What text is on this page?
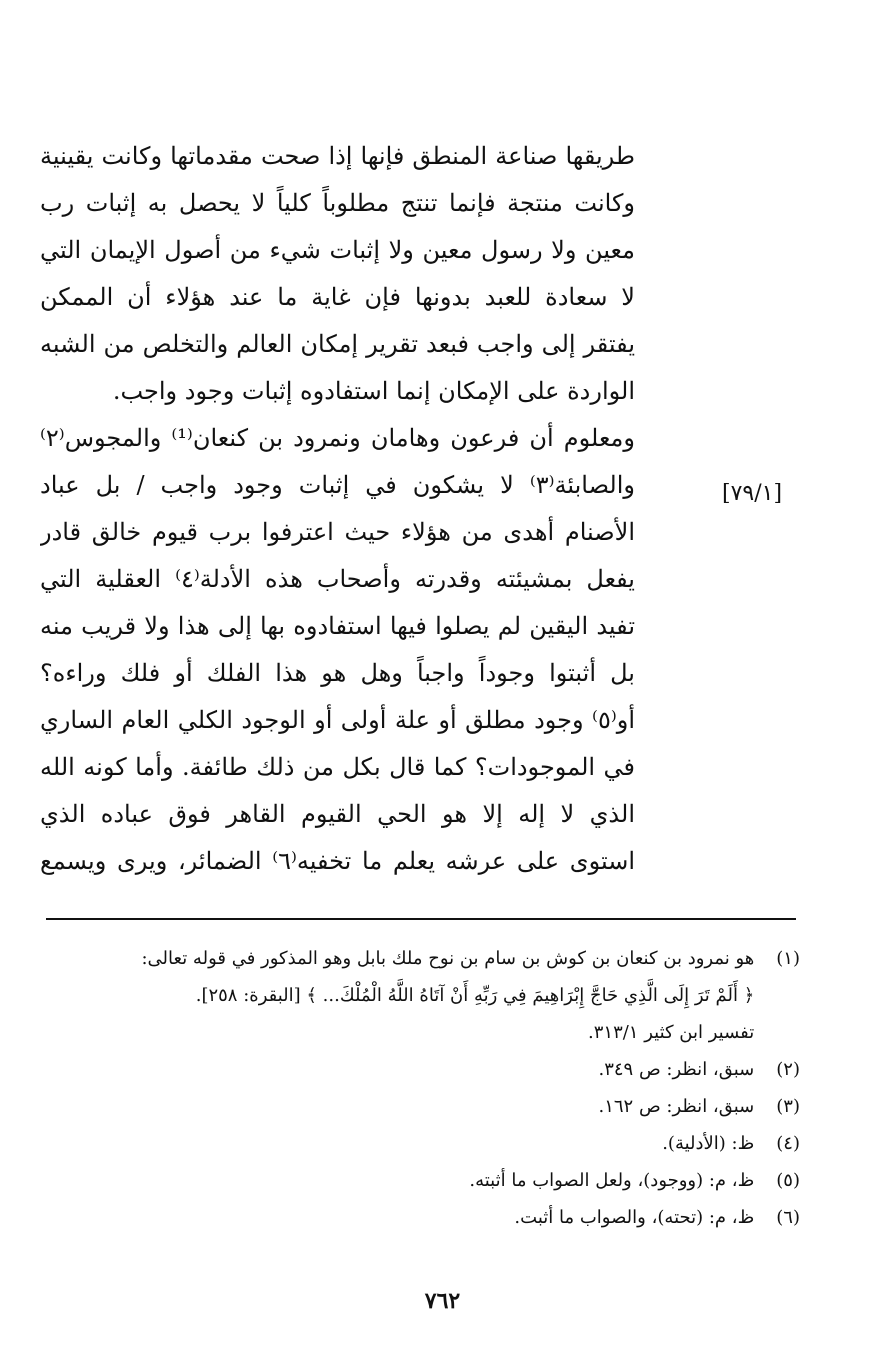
طريقها صناعة المنطق فإنها إذا صحت مقدماتها وكانت يقينية
وكانت منتجة فإنما تنتج مطلوباً كلياً لا يحصل به إثبات رب
معين ولا رسول معين ولا إثبات شيء من أصول الإيمان التي
لا سعادة للعبد بدونها فإن غاية ما عند هؤلاء أن الممكن
يفتقر إلى واجب فبعد تقرير إمكان العالم والتخلص من الشبه
الواردة على الإمكان إنما استفادوه إثبات وجود واجب.
ومعلوم أن فرعون وهامان ونمرود بن كنعان⁽¹⁾ والمجوس⁽٢⁾
والصابئة⁽٣⁾ لا يشكون في إثبات وجود واجب / بل عباد
الأصنام أهدى من هؤلاء حيث اعترفوا برب قيوم خالق قادر
يفعل بمشيئته وقدرته وأصحاب هذه الأدلة⁽٤⁾ العقلية التي
تفيد اليقين لم يصلوا فيها استفادوه بها إلى هذا ولا قريب منه
بل أثبتوا وجوداً واجباً وهل هو هذا الفلك أو فلك وراءه؟
أو⁽٥⁾ وجود مطلق أو علة أولى أو الوجود الكلي العام الساري
في الموجودات؟ كما قال بكل من ذلك طائفة. وأما كونه الله
الذي لا إله إلا هو الحي القيوم القاهر فوق عباده الذي
استوى على عرشه يعلم ما تخفيه⁽٦⁾ الضمائر، ويرى ويسمع
[٧٩/١]
(١) هو نمرود بن كنعان بن كوش بن سام بن نوح ملك بابل وهو المذكور في قوله تعالى:
﴿ أَلَمْ تَرَ إِلَى الَّذِي حَاجَّ إِبْرَاهِيمَ فِي رَبِّهِ أَنْ آتَاهُ اللَّهُ الْمُلْكَ... ﴾ [البقرة: ٢٥٨].
تفسير ابن كثير ٣١٣/١.
(٢) سبق، انظر: ص ٣٤٩.
(٣) سبق، انظر: ص ١٦٢.
(٤) ظ: (الأدلية).
(٥) ظ، م: (ووجود)، ولعل الصواب ما أثبته.
(٦) ظ، م: (تحته)، والصواب ما أثبت.
٧٦٢
